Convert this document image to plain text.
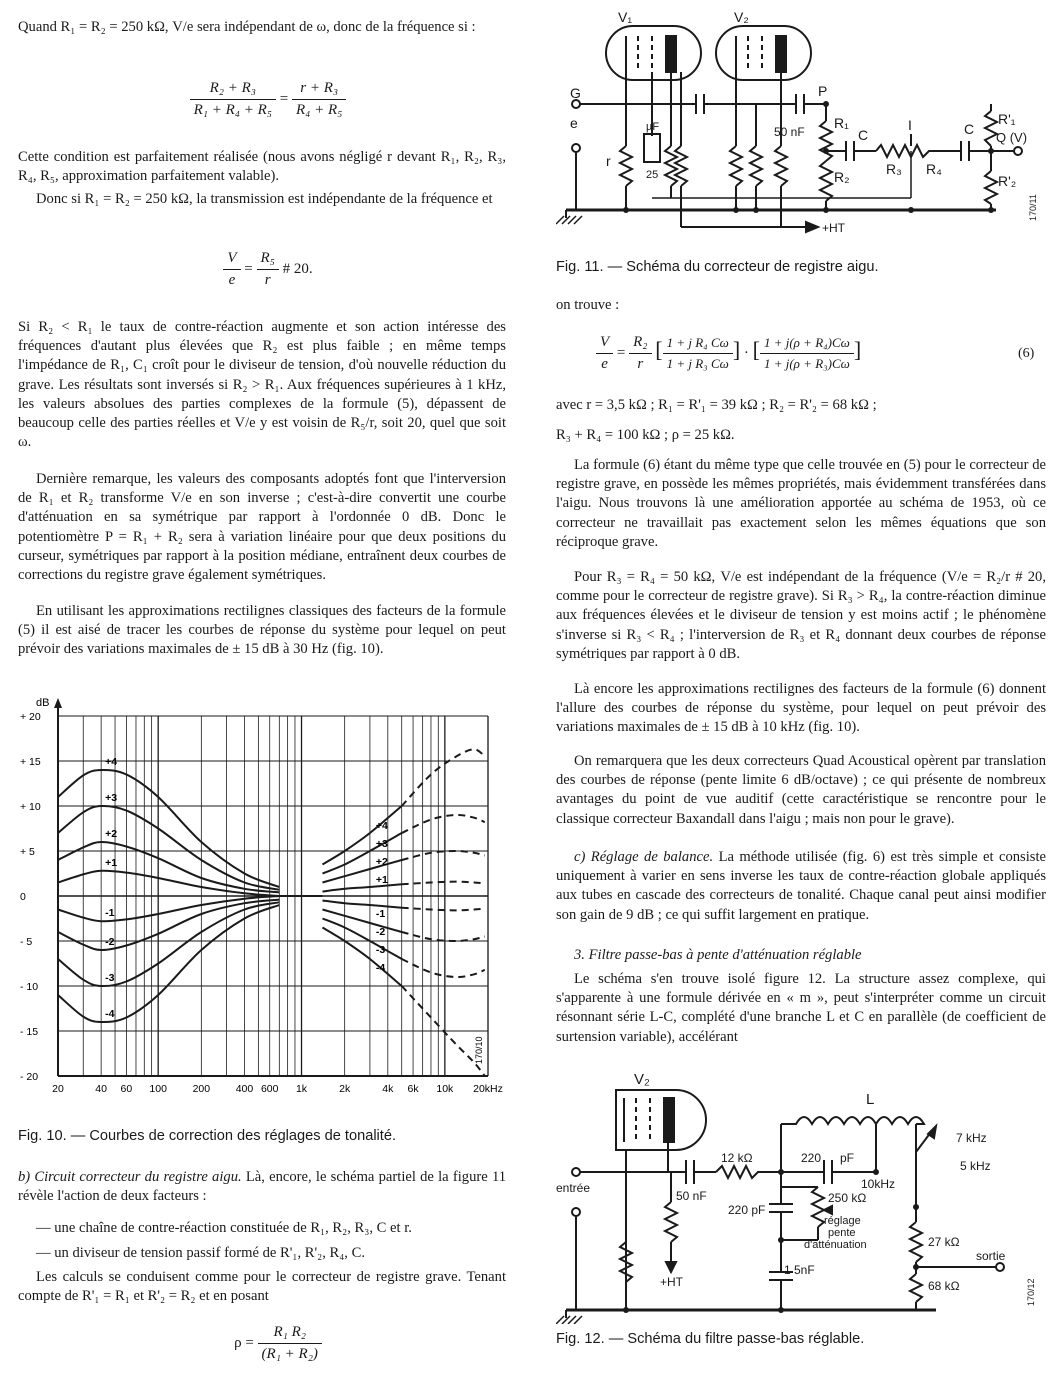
Quand R₁ = R₂ = 250 kΩ, V/e sera indépendant de ω, donc de la fréquence si :

$\frac{\text{R₂ + R₃}}{\text{R₁ + R₄ + R₅}} = \frac{\text{r + R₃}}{\text{R₄ + R₅}}$

Cette condition est parfaitement réalisée (nous avons négligé r devant R₁, R₂, R₃, R₄, R₅, approximation parfaitement valable).

Donc si R₁ = R₂ = 250 kΩ, la transmission est indépendante de la fréquence et

$\frac{V}{e} = \frac{\text{R₅}}{r}$ # 20.

Si R₂ < R₁ le taux de contre-réaction augmente et son action intéresse des fréquences d'autant plus élevées que R₂ est plus faible ; en même temps l'impédance de R₁, C₁ croît pour le diviseur de tension, d'où nouvelle réduction du grave. Les résultats sont inversés si R₂ > R₁. Aux fréquences supérieures à 1 kHz, les valeurs absolues des parties complexes de la formule (5), dépassent de beaucoup celle des parties réelles et V/e y est voisin de R₅/r, soit 20, quel que soit ω.

Dernière remarque, les valeurs des composants adoptés font que l'interversion de R₁ et R₂ transforme V/e en son inverse ; c'est-à-dire convertit une courbe d'atténuation en sa symétrique par rapport à l'ordonnée 0 dB. Donc le potentiomètre P = R₁ + R₂ sera à variation linéaire pour que deux positions du curseur, symétriques par rapport à la position médiane, entraînent deux courbes de corrections du registre grave également symétriques.

En utilisant les approximations rectilignes classiques des facteurs de la formule (5) il est aisé de tracer les courbes de réponse du système pour lequel on peut prévoir des variations maximales de ± 15 dB à 30 Hz (fig. 10).

dB
+ 20
+ 15
+ 10
+ 5
0
- 5
- 10
- 15
- 20
20	40 60 100 200 400 600 1k	2k	4k 6k 10k 20kHz
170/10
+4
+3
+2
+1
-1
-2
-3
-4
+4
+3
+2
+1
-1
-2
-3
-4

Fig. 10. — Courbes de correction des réglages de tonalité.

b) Circuit correcteur du registre aigu. Là, encore, le schéma partiel de la figure 11 révèle l'action de deux facteurs :

— une chaîne de contre-réaction constituée de R₁, R₂, R₃, C et r.

— un diviseur de tension passif formé de R'₁, R'₂, R₄, C.

Les calculs se conduisent comme pour le correcteur de registre grave. Tenant compte de R'₁ = R₁ et R'₂ = R₂ et en posant

$\rho = \frac{\text{R₁ R₂}}{\text{(R₁ + R₂)}}$
V₁	V₂
G
e
P
r
µF
25
50 nF
R₁
R₂
C
I
R₃ R₄
C
R'₁
R'₂
Q (V)
+HT
170/11

Fig. 11. — Schéma du correcteur de registre aigu.

on trouve :

$\frac{V}{e} = \frac{\text{R₂}}{r}$ [ $\frac{\text{1 + j R₄ Cω}}{\text{1 + j R₃ Cω}}$ ] · [ $\frac{\text{1 + j(ρ + R₄)Cω}}{\text{1 + j(ρ + R₃)Cω}}$ ]	(6)

avec r = 3,5 kΩ ; R₁ = R'₁ = 39 kΩ ; R₂ = R'₂ = 68 kΩ ;

R₃ + R₄ = 100 kΩ ; ρ = 25 kΩ.

La formule (6) étant du même type que celle trouvée en (5) pour le correcteur de registre grave, en possède les mêmes propriétés, mais évidemment transférées dans l'aigu. Nous trouvons là une amélioration apportée au schéma de 1953, où ce correcteur ne travaillait pas exactement selon les mêmes équations que son réciproque grave.

Pour R₃ = R₄ = 50 kΩ, V/e est indépendant de la fréquence (V/e = R₂/r # 20, comme pour le correcteur de registre grave). Si R₃ > R₄, la contre-réaction diminue aux fréquences élevées et le diviseur de tension y est moins actif ; le phénomène s'inverse si R₃ < R₄ ; l'interversion de R₃ et R₄ donnant deux courbes de réponse symétriques par rapport à 0 dB.

Là encore les approximations rectilignes des facteurs de la formule (6) donnent l'allure des courbes de réponse du système, pour lequel on peut prévoir des variations maximales de ± 15 dB à 10 kHz (fig. 10).

On remarquera que les deux correcteurs Quad Acoustical opèrent par translation des courbes de réponse (pente limite 6 dB/octave) ; ce qui présente de nombreux avantages du point de vue auditif (cette caractéristique se rencontre pour le classique correcteur Baxandall dans l'aigu ; mais non pour le grave).

c) Réglage de balance. La méthode utilisée (fig. 6) est très simple et consiste uniquement à varier en sens inverse les taux de contre-réaction globale appliqués aux tubes en cascade des correcteurs de tonalité. Chaque canal peut ainsi modifier son gain de 9 dB ; ce qui suffit largement en pratique.

3. Filtre passe-bas à pente d'atténuation réglable

Le schéma s'en trouve isolé figure 12. La structure assez complexe, qui s'apparente à une formule dérivée en « m », peut s'interpréter comme un circuit résonnant série L-C, complété d'une branche L et C en parallèle (de coefficient de surtension variable), accélérant

V₂
entrée
50 nF
12 kΩ	220 pF
L
7 kHz
5 kHz
10kHz
220 pF
250 kΩ
réglage
pente
d'atténuation
1 5nF
27 kΩ
68 kΩ
sortie
+HT	170/12

Fig. 12. — Schéma du filtre passe-bas réglable.
